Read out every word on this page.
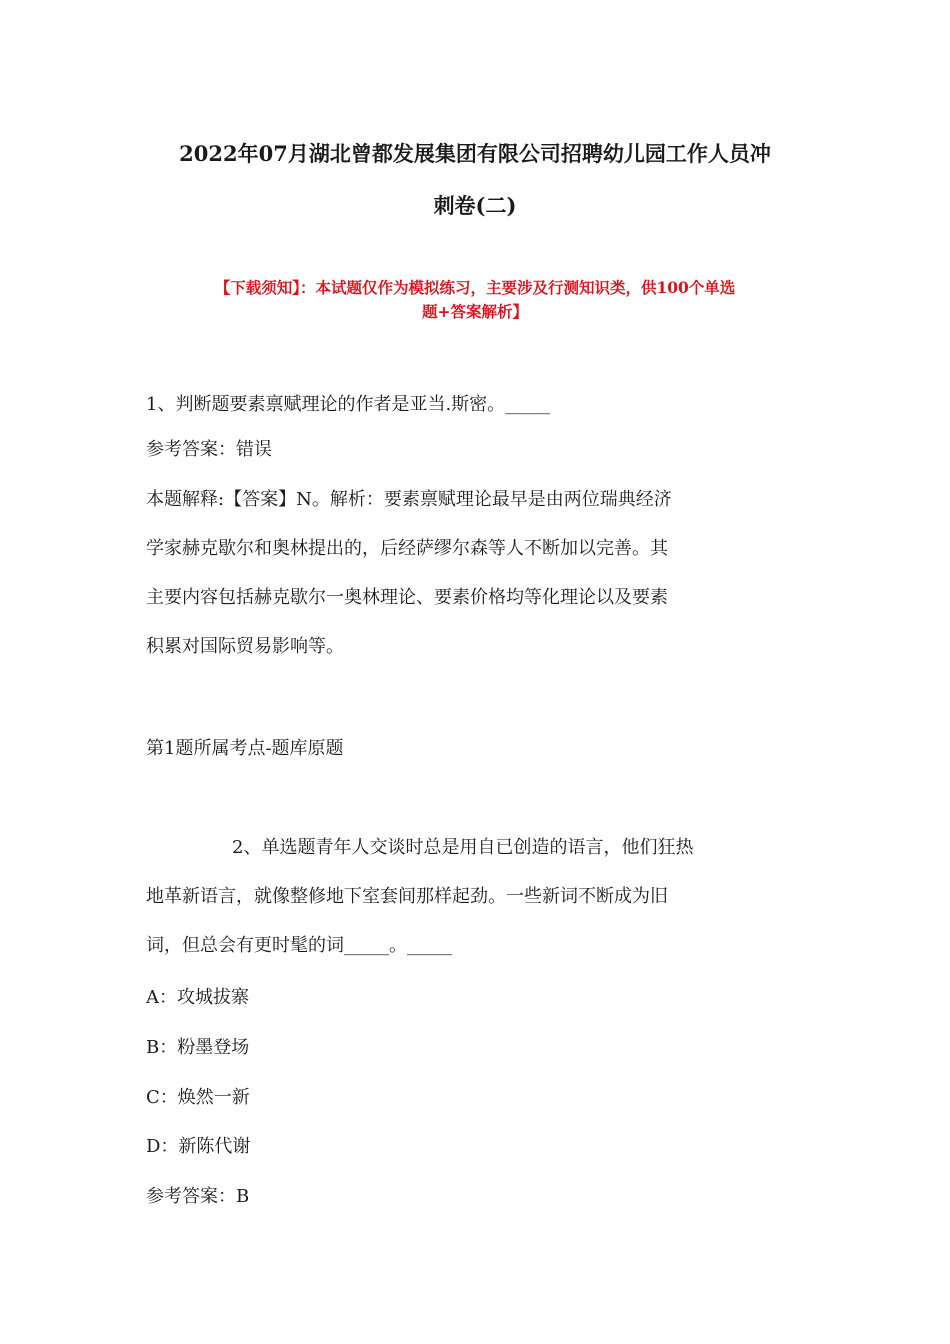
2022年07月湖北曾都发展集团有限公司招聘幼儿园工作人员冲
刺卷(二)

【下载须知】：本试题仅作为模拟练习，主要涉及行测知识类，供100个单选
题+答案解析】

1、判断题要素禀赋理论的作者是亚当.斯密。_____

参考答案：错误

本题解释:【答案】N。解析：要素禀赋理论最早是由两位瑞典经济
学家赫克歇尔和奥林提出的，后经萨缪尔森等人不断加以完善。其
主要内容包括赫克歇尔一奥林理论、要素价格均等化理论以及要素
积累对国际贸易影响等。

第1题所属考点-题库原题

2、单选题青年人交谈时总是用自已创造的语言，他们狂热
地革新语言，就像整修地下室套间那样起劲。一些新词不断成为旧
词，但总会有更时髦的词_____。_____

A：攻城拔寨

B：粉墨登场

C：焕然一新

D：新陈代谢

参考答案：B
